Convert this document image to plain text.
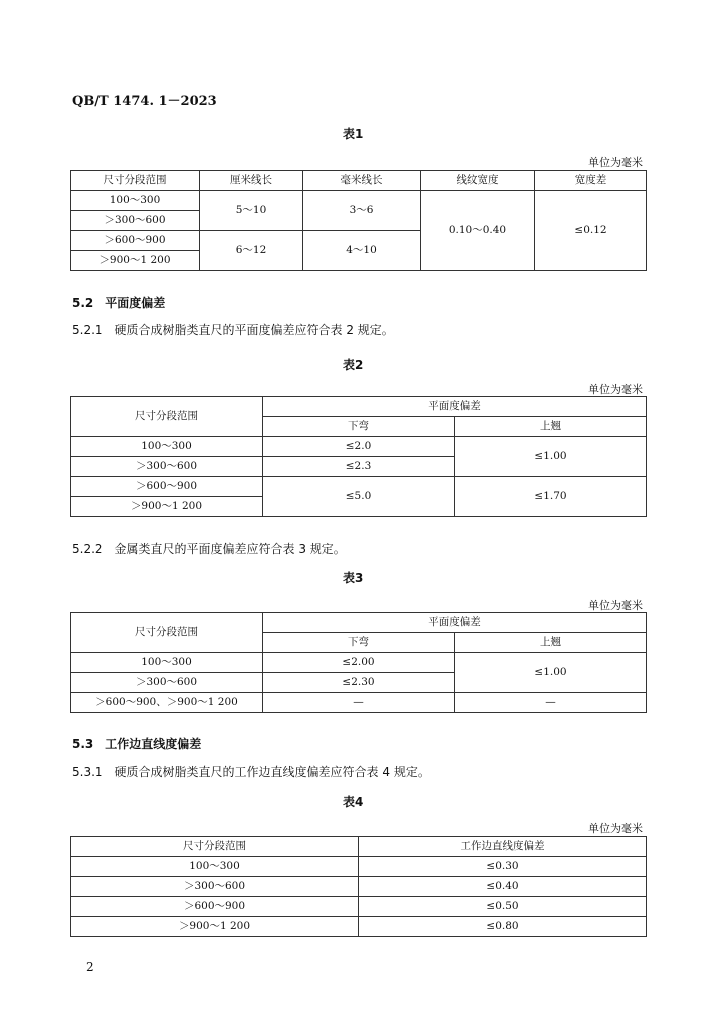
QB/T 1474. 1－2023
表1
单位为毫米
尺寸分段范围	厘米线长	毫米线长	线纹宽度	宽度差
100～300	5～10	3～6	0.10～0.40	≤0.12
＞300～600				
＞600～900	6～12	4～10		
＞900～1 200				
5.2 平面度偏差
5.2.1 硬质合成树脂类直尺的平面度偏差应符合表 2 规定。
表2
单位为毫米
尺寸分段范围	平面度偏差	
	下弯	上翘
100～300	≤2.0	≤1.00
＞300～600	≤2.3	
＞600～900	≤5.0	≤1.70
＞900～1 200		
5.2.2 金属类直尺的平面度偏差应符合表 3 规定。
表3
单位为毫米
尺寸分段范围	平面度偏差	
	下弯	上翘
100～300	≤2.00	≤1.00
＞300～600	≤2.30	
＞600～900、＞900～1 200	—	—
5.3 工作边直线度偏差
5.3.1 硬质合成树脂类直尺的工作边直线度偏差应符合表 4 规定。
表4
单位为毫米
尺寸分段范围	工作边直线度偏差
100～300	≤0.30
＞300～600	≤0.40
＞600～900	≤0.50
＞900～1 200	≤0.80
2
